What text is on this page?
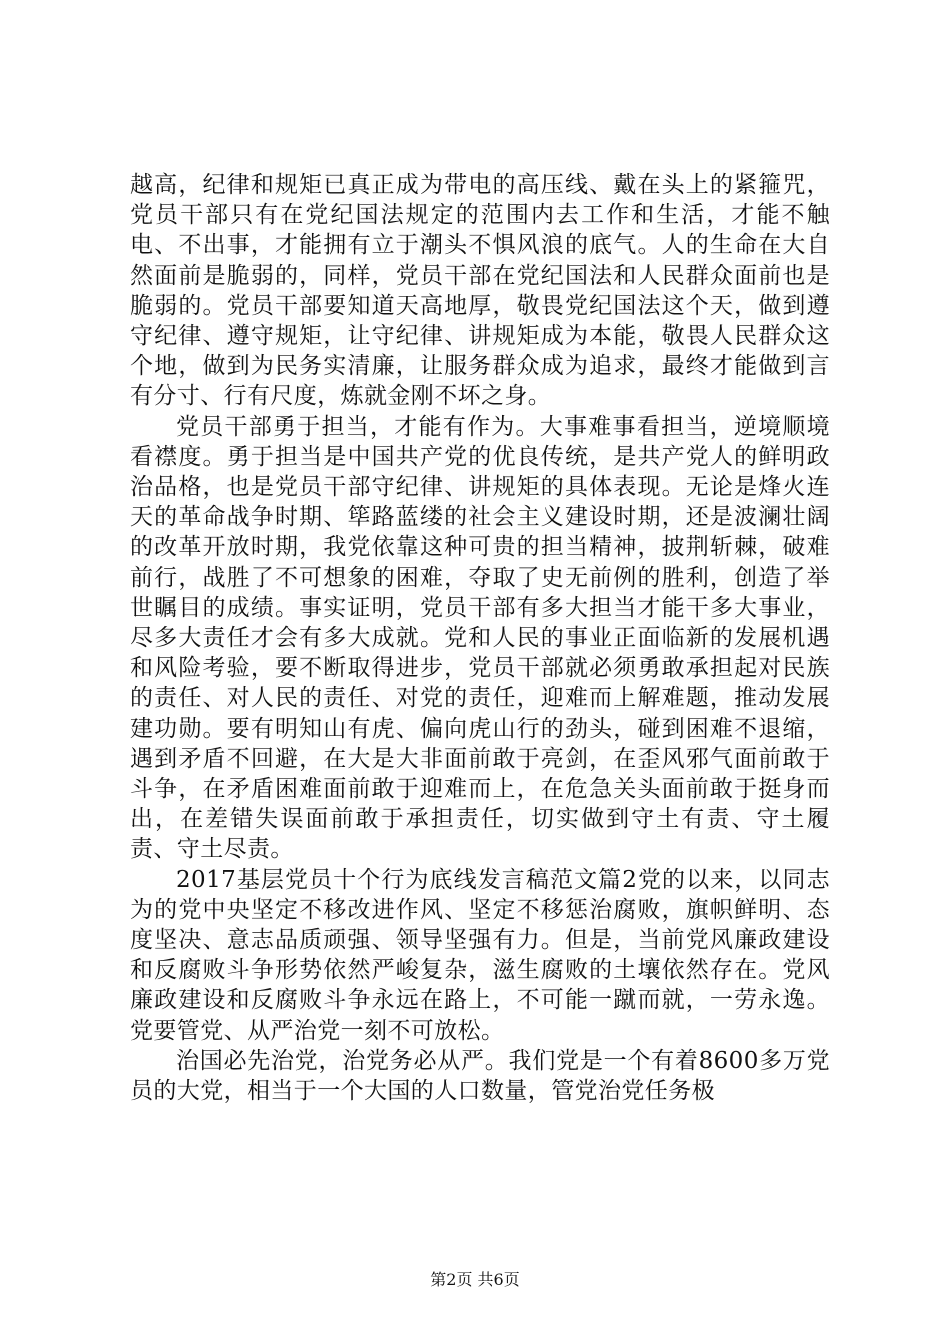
越高，纪律和规矩已真正成为带电的高压线、戴在头上的紧箍咒，党员干部只有在党纪国法规定的范围内去工作和生活，才能不触电、不出事，才能拥有立于潮头不惧风浪的底气。人的生命在大自然面前是脆弱的，同样，党员干部在党纪国法和人民群众面前也是脆弱的。党员干部要知道天高地厚，敬畏党纪国法这个天，做到遵守纪律、遵守规矩，让守纪律、讲规矩成为本能，敬畏人民群众这个地，做到为民务实清廉，让服务群众成为追求，最终才能做到言有分寸、行有尺度，炼就金刚不坏之身。

党员干部勇于担当，才能有作为。大事难事看担当，逆境顺境看襟度。勇于担当是中国共产党的优良传统，是共产党人的鲜明政治品格，也是党员干部守纪律、讲规矩的具体表现。无论是烽火连天的革命战争时期、筚路蓝缕的社会主义建设时期，还是波澜壮阔的改革开放时期，我党依靠这种可贵的担当精神，披荆斩棘，破难前行，战胜了不可想象的困难，夺取了史无前例的胜利，创造了举世瞩目的成绩。事实证明，党员干部有多大担当才能干多大事业，尽多大责任才会有多大成就。党和人民的事业正面临新的发展机遇和风险考验，要不断取得进步，党员干部就必须勇敢承担起对民族的责任、对人民的责任、对党的责任，迎难而上解难题，推动发展建功勋。要有明知山有虎、偏向虎山行的劲头，碰到困难不退缩，遇到矛盾不回避，在大是大非面前敢于亮剑，在歪风邪气面前敢于斗争，在矛盾困难面前敢于迎难而上，在危急关头面前敢于挺身而出，在差错失误面前敢于承担责任，切实做到守土有责、守土履责、守土尽责。

2017基层党员十个行为底线发言稿范文篇2党的以来，以同志为的党中央坚定不移改进作风、坚定不移惩治腐败，旗帜鲜明、态度坚决、意志品质顽强、领导坚强有力。但是，当前党风廉政建设和反腐败斗争形势依然严峻复杂，滋生腐败的土壤依然存在。党风廉政建设和反腐败斗争永远在路上，不可能一蹴而就，一劳永逸。党要管党、从严治党一刻不可放松。

治国必先治党，治党务必从严。我们党是一个有着8600多万党员的大党，相当于一个大国的人口数量，管党治党任务极

第2页 共6页
